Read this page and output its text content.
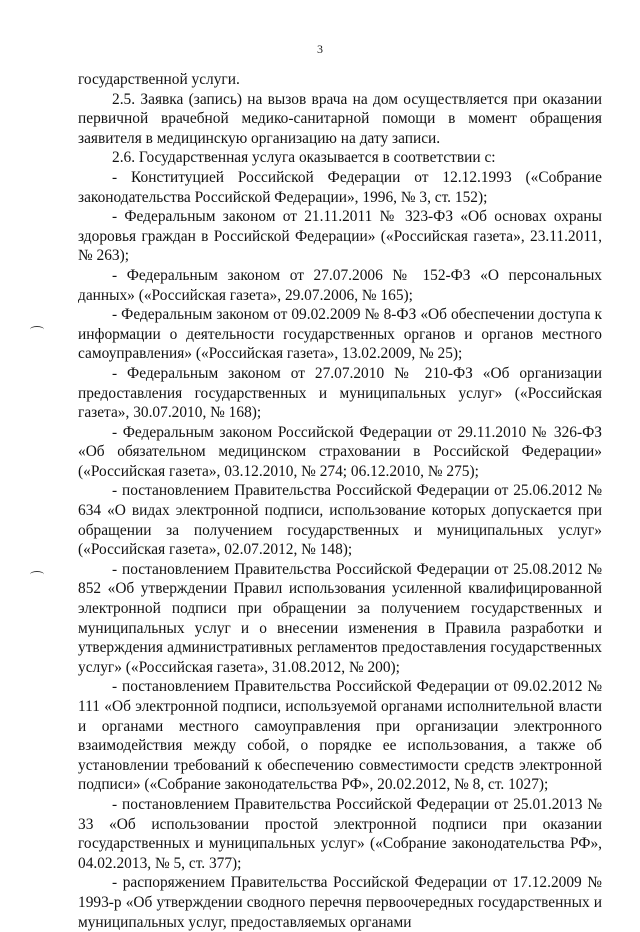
3

государственной услуги.

2.5. Заявка (запись) на вызов врача на дом осуществляется при оказании первичной врачебной медико-санитарной помощи в момент обращения заявителя в медицинскую организацию на дату записи.

2.6. Государственная услуга оказывается в соответствии с:

- Конституцией Российской Федерации от 12.12.1993 («Собрание законодательства Российской Федерации», 1996, № 3, ст. 152);

- Федеральным законом от 21.11.2011 № 323-ФЗ «Об основах охраны здоровья граждан в Российской Федерации» («Российская газета», 23.11.2011, № 263);

- Федеральным законом от 27.07.2006 № 152-ФЗ «О персональных данных» («Российская газета», 29.07.2006, № 165);

- Федеральным законом от 09.02.2009 № 8-ФЗ «Об обеспечении доступа к информации о деятельности государственных органов и органов местного самоуправления» («Российская газета», 13.02.2009, № 25);

- Федеральным законом от 27.07.2010 № 210-ФЗ «Об организации предоставления государственных и муниципальных услуг» («Российская газета», 30.07.2010, № 168);

- Федеральным законом Российской Федерации от 29.11.2010 № 326-ФЗ «Об обязательном медицинском страховании в Российской Федерации» («Российская газета», 03.12.2010, № 274; 06.12.2010, № 275);

- постановлением Правительства Российской Федерации от 25.06.2012 № 634 «О видах электронной подписи, использование которых допускается при обращении за получением государственных и муниципальных услуг» («Российская газета», 02.07.2012, № 148);

- постановлением Правительства Российской Федерации от 25.08.2012 № 852 «Об утверждении Правил использования усиленной квалифицированной электронной подписи при обращении за получением государственных и муниципальных услуг и о внесении изменения в Правила разработки и утверждения административных регламентов предоставления государственных услуг» («Российская газета», 31.08.2012, № 200);

- постановлением Правительства Российской Федерации от 09.02.2012 № 111 «Об электронной подписи, используемой органами исполнительной власти и органами местного самоуправления при организации электронного взаимодействия между собой, о порядке ее использования, а также об установлении требований к обеспечению совместимости средств электронной подписи» («Собрание законодательства РФ», 20.02.2012, № 8, ст. 1027);

- постановлением Правительства Российской Федерации от 25.01.2013 № 33 «Об использовании простой электронной подписи при оказании государственных и муниципальных услуг» («Собрание законодательства РФ», 04.02.2013, № 5, ст. 377);

- распоряжением Правительства Российской Федерации от 17.12.2009 № 1993-р «Об утверждении сводного перечня первоочередных государственных и муниципальных услуг, предоставляемых органами
